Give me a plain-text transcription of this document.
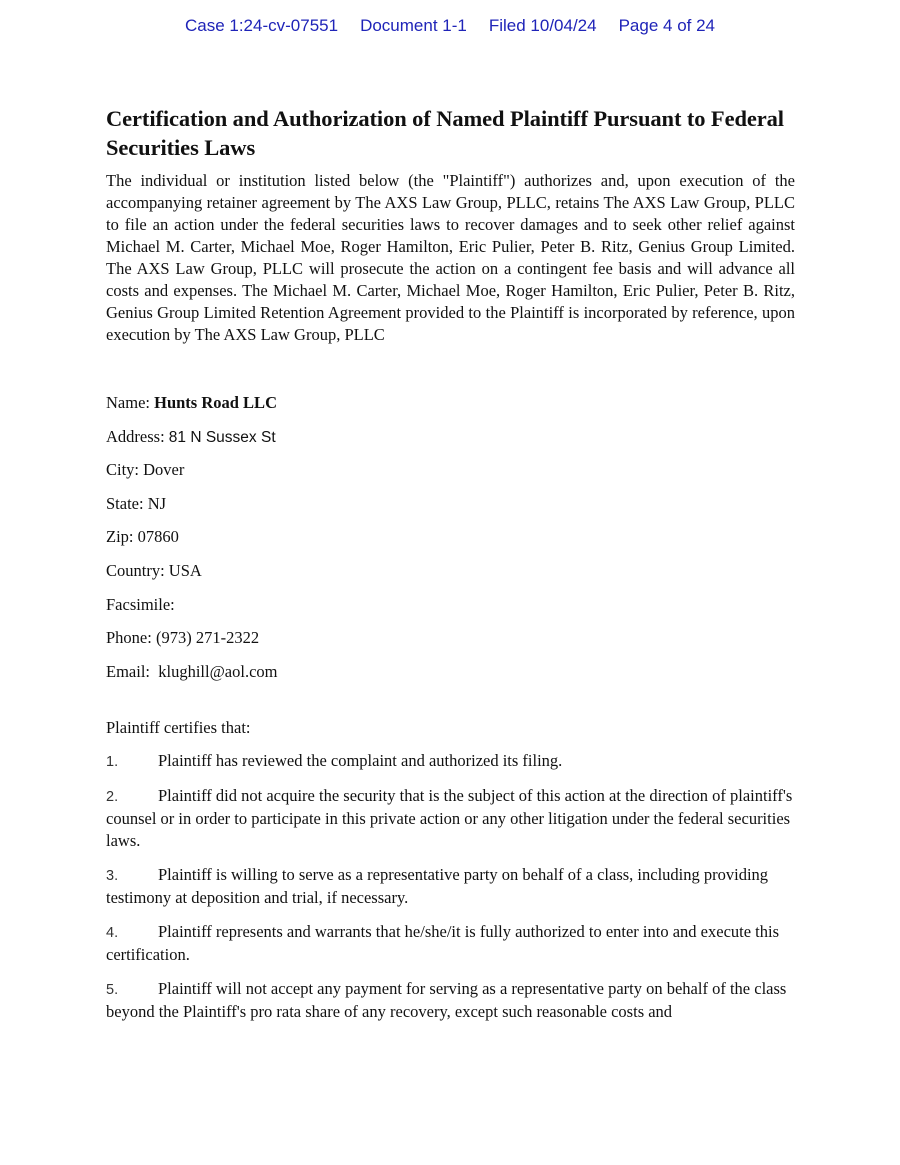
Case 1:24-cv-07551 Document 1-1 Filed 10/04/24 Page 4 of 24
Certification and Authorization of Named Plaintiff Pursuant to Federal Securities Laws

The individual or institution listed below (the "Plaintiff") authorizes and, upon execution of the accompanying retainer agreement by The AXS Law Group, PLLC, retains The AXS Law Group, PLLC to file an action under the federal securities laws to recover damages and to seek other relief against Michael M. Carter, Michael Moe, Roger Hamilton, Eric Pulier, Peter B. Ritz, Genius Group Limited. The AXS Law Group, PLLC will prosecute the action on a contingent fee basis and will advance all costs and expenses. The Michael M. Carter, Michael Moe, Roger Hamilton, Eric Pulier, Peter B. Ritz, Genius Group Limited Retention Agreement provided to the Plaintiff is incorporated by reference, upon execution by The AXS Law Group, PLLC

Name: Hunts Road LLC
Address: 81 N Sussex St
City: Dover
State: NJ
Zip: 07860
Country: USA
Facsimile:
Phone: (973) 271-2322
Email:  klughill@aol.com
Plaintiff certifies that:
1. Plaintiff has reviewed the complaint and authorized its filing.
2. Plaintiff did not acquire the security that is the subject of this action at the direction of plaintiff's counsel or in order to participate in this private action or any other litigation under the federal securities laws.
3. Plaintiff is willing to serve as a representative party on behalf of a class, including providing testimony at deposition and trial, if necessary.
4. Plaintiff represents and warrants that he/she/it is fully authorized to enter into and execute this certification.
5. Plaintiff will not accept any payment for serving as a representative party on behalf of the class beyond the Plaintiff's pro rata share of any recovery, except such reasonable costs and
